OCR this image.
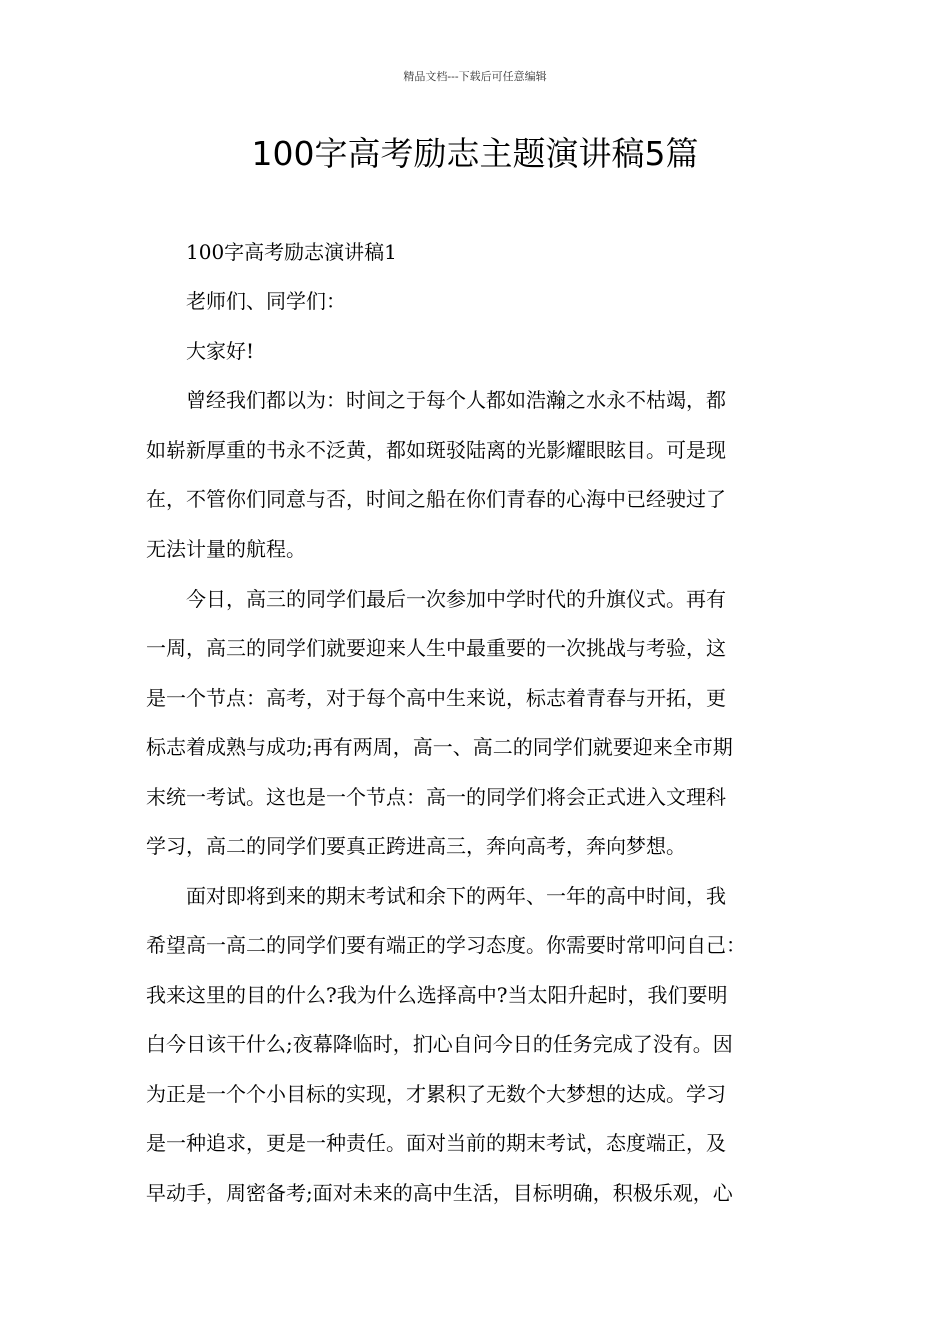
精品文档---下载后可任意编辑
100字高考励志主题演讲稿5篇
　　100字高考励志演讲稿1
　　老师们、同学们：
　　大家好!
　　曾经我们都以为：时间之于每个人都如浩瀚之水永不枯竭，都
如崭新厚重的书永不泛黄，都如斑驳陆离的光影耀眼眩目。可是现
在，不管你们同意与否，时间之船在你们青春的心海中已经驶过了
无法计量的航程。
　　今日，高三的同学们最后一次参加中学时代的升旗仪式。再有
一周，高三的同学们就要迎来人生中最重要的一次挑战与考验，这
是一个节点：高考，对于每个高中生来说，标志着青春与开拓，更
标志着成熟与成功;再有两周，高一、高二的同学们就要迎来全市期
末统一考试。这也是一个节点：高一的同学们将会正式进入文理科
学习，高二的同学们要真正跨进高三，奔向高考，奔向梦想。
　　面对即将到来的期末考试和余下的两年、一年的高中时间，我
希望高一高二的同学们要有端正的学习态度。你需要时常叩问自己：
我来这里的目的什么?我为什么选择高中?当太阳升起时，我们要明
白今日该干什么;夜幕降临时，扪心自问今日的任务完成了没有。因
为正是一个个小目标的实现，才累积了无数个大梦想的达成。学习
是一种追求，更是一种责任。面对当前的期末考试，态度端正，及
早动手，周密备考;面对未来的高中生活，目标明确，积极乐观，心
